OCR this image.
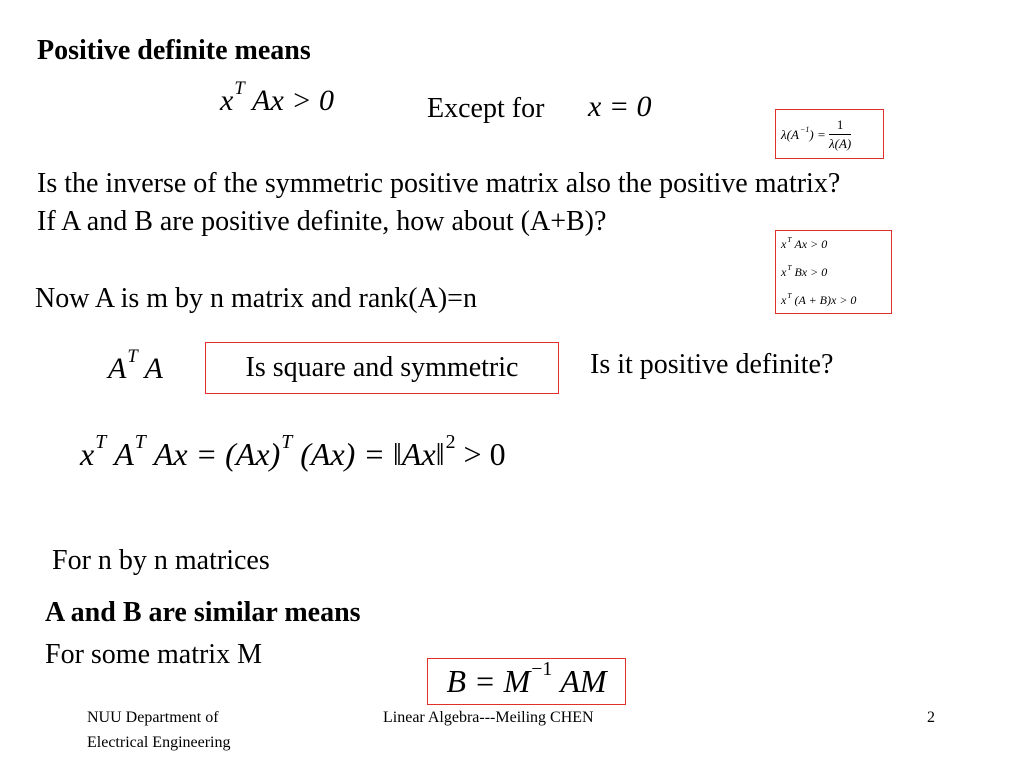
Positive definite means
$x^T$ Ax > 0	Except for x = 0
$\lambda(A^{-1}) = \frac{1}{\lambda(A)}$
Is the inverse of the symmetric positive matrix also the positive matrix?
If A and B are positive definite, how about (A+B)?
$x^T$ Ax > 0
$x^T$ Bx > 0
$x^T$ (A + B)x > 0
Now A is m by n matrix and rank(A)=n
$A^T$ A	Is square and symmetric	Is it positive definite?
$x^T$ $A^T$ $Ax = (Ax)^T$ (Ax) = ‖Ax‖$^2$ > 0
For n by n matrices
A and B are similar means
For some matrix M
$B = M^{-1}$ AM
NUU Department of
Electrical Engineering
Linear Algebra---Meiling CHEN	2
